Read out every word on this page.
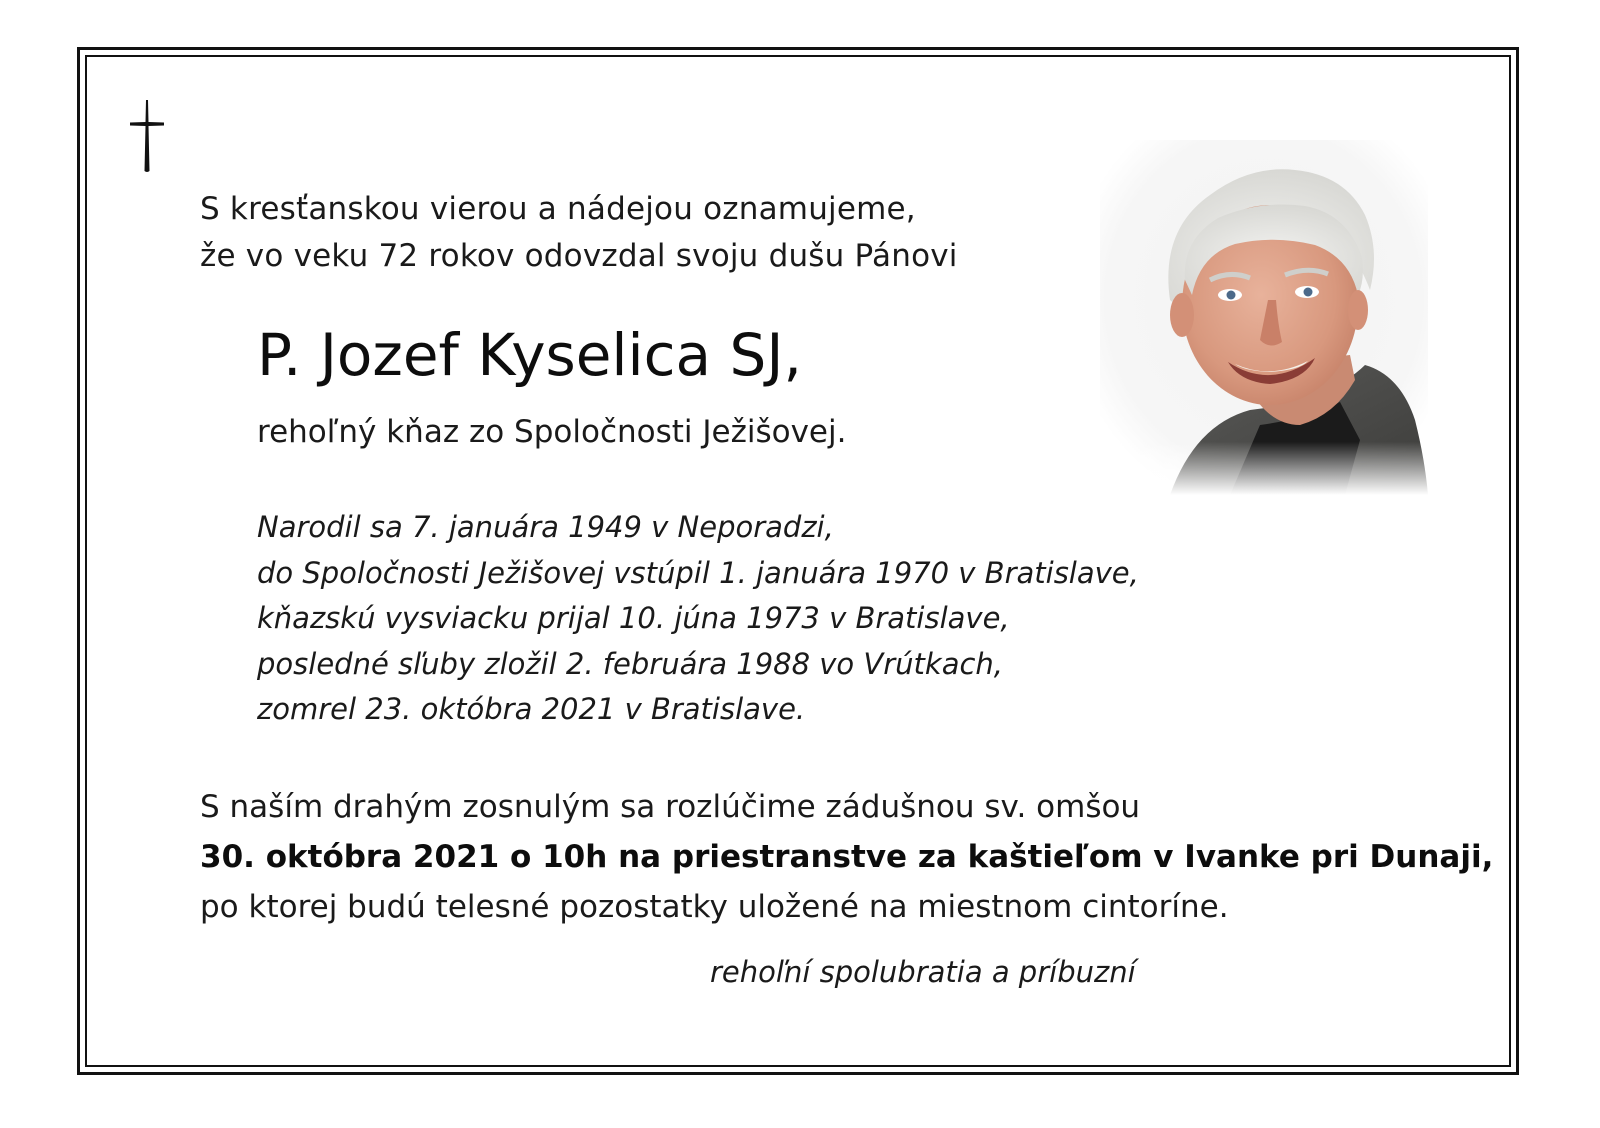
S kresťanskou vierou a nádejou oznamujeme,
že vo veku 72 rokov odovzdal svoju dušu Pánovi

P. Jozef Kyselica SJ,

rehoľný kňaz zo Spoločnosti Ježišovej.

Narodil sa 7. januára 1949 v Neporadzi,
do Spoločnosti Ježišovej vstúpil 1. januára 1970 v Bratislave,
kňazskú vysviacku prijal 10. júna 1973 v Bratislave,
posledné sľuby zložil 2. februára 1988 vo Vrútkach,
zomrel 23. októbra 2021 v Bratislave.

S naším drahým zosnulým sa rozlúčime zádušnou sv. omšou
30. októbra 2021 o 10h na priestranstve za kaštieľom v Ivanke pri Dunaji,
po ktorej budú telesné pozostatky uložené na miestnom cintoríne.

rehoľní spolubratia a príbuzní
